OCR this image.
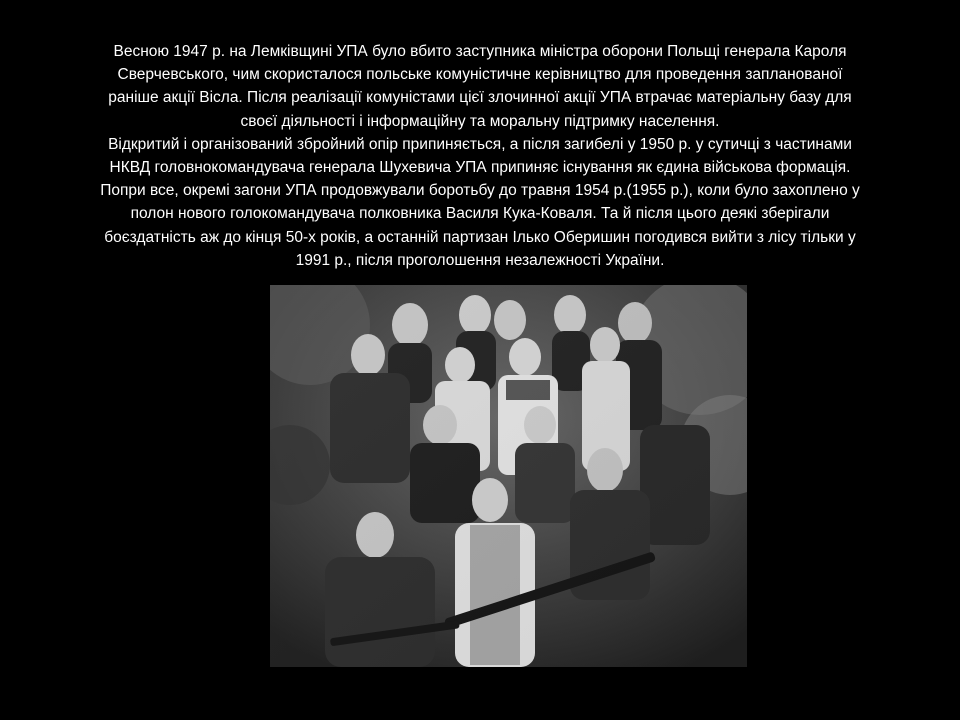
Весною 1947 р. на Лемківщині УПА було вбито заступника міністра оборони Польщі генерала Кароля
Сверчевського, чим скористалося польське комуністичне керівництво для проведення запланованої
раніше акції Вісла. Після реалізації комуністами цієї злочинної акції УПА втрачає матеріальну базу для
своєї діяльності і інформаційну та моральну підтримку населення.
Відкритий і організований збройний опір припиняється, а після загибелі у 1950 р. у сутичці з частинами
НКВД головнокомандувача генерала Шухевича УПА припиняє існування як єдина військова формація.
Попри все, окремі загони УПА продовжували боротьбу до травня 1954 р.(1955 р.), коли було захоплено у
полон нового голокомандувача полковника Василя Кука-Коваля. Та й після цього деякі зберігали
боєздатність аж до кінця 50-х років, а останній партизан Ілько Оберишин погодився вийти з лісу тільки у
1991 р., після проголошення незалежності України.
